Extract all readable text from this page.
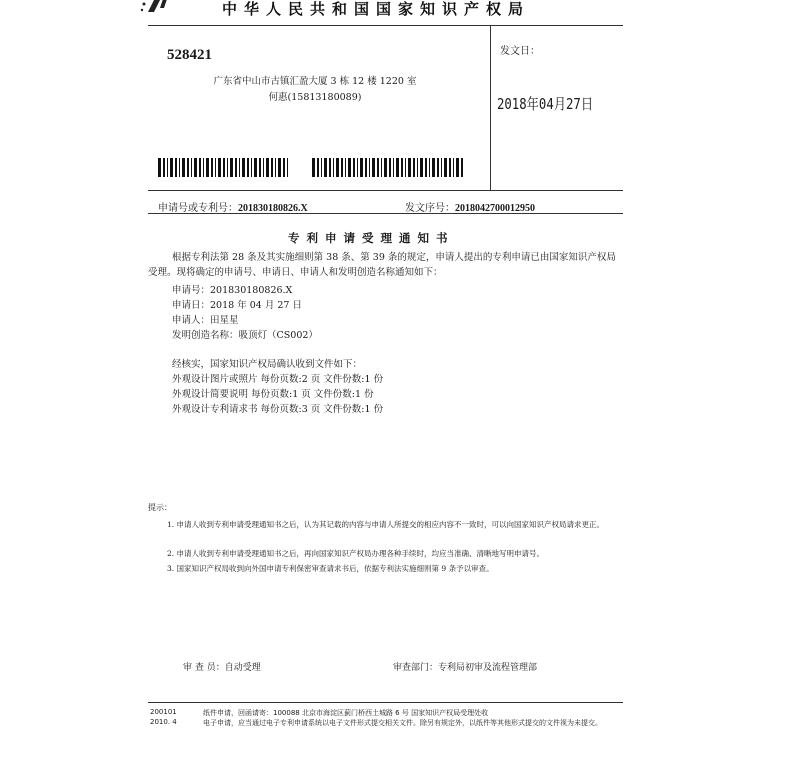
中华人民共和国国家知识产权局
528421
广东省中山市古镇汇盈大厦 3 栋 12 楼 1220 室
何惠(15813180089)
发文日：
2018年04月27日
申请号或专利号：201830180826.X	发文序号：2018042700012950
专利申请受理通知书
根据专利法第 28 条及其实施细则第 38 条、第 39 条的规定，申请人提出的专利申请已由国家知识产权局受理。现将确定的申请号、申请日、申请人和发明创造名称通知如下：
申请号：201830180826.X
申请日：2018 年 04 月 27 日
申请人：田星星
发明创造名称：吸顶灯（CS002）
经核实，国家知识产权局确认收到文件如下：
外观设计图片或照片 每份页数:2 页 文件份数:1 份
外观设计简要说明 每份页数:1 页 文件份数:1 份
外观设计专利请求书 每份页数:3 页 文件份数:1 份
提示：
1. 申请人收到专利申请受理通知书之后，认为其记载的内容与申请人所提交的相应内容不一致时，可以向国家知识产权局请求更正。
2. 申请人收到专利申请受理通知书之后，再向国家知识产权局办理各种手续时，均应当准确、清晰地写明申请号。
3. 国家知识产权局收到向外国申请专利保密审查请求书后，依据专利法实施细则第 9 条予以审查。
审 查 员：自动受理	审查部门：专利局初审及流程管理部
200101
2010. 4
纸件申请，回函请寄：100088 北京市海淀区蓟门桥西土城路 6 号 国家知识产权局受理处收
电子申请，应当通过电子专利申请系统以电子文件形式提交相关文件。除另有规定外，以纸件等其他形式提交的文件视为未提交。
